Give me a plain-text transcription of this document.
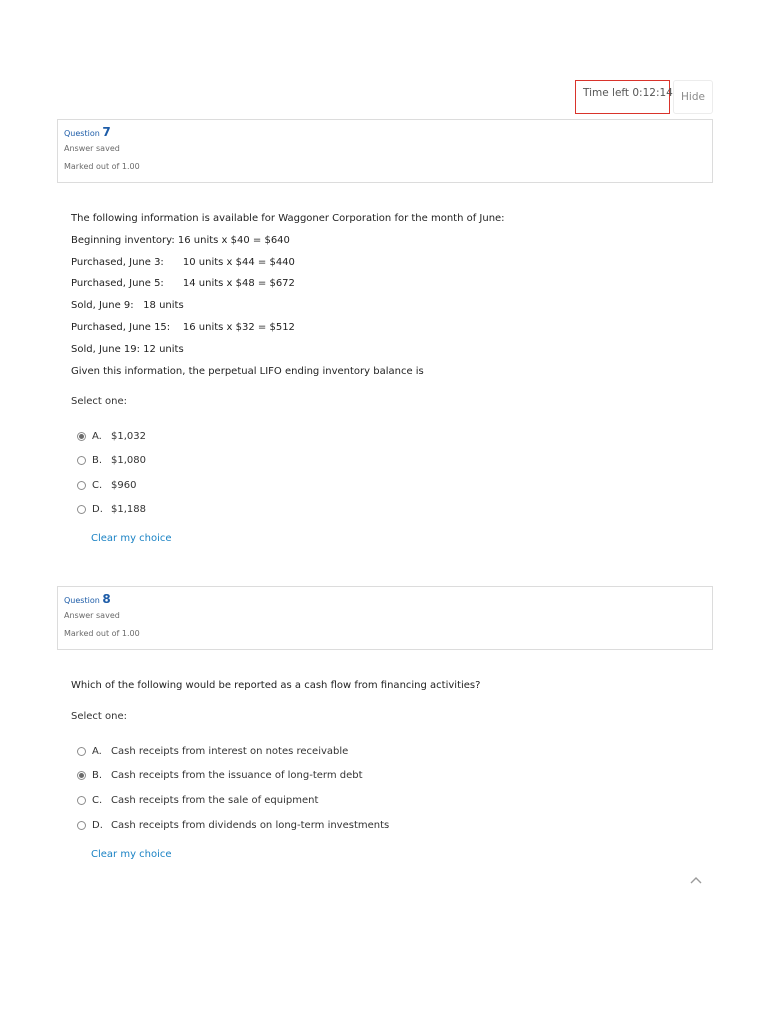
Time left 0:12:14 Hide
Question 7
Answer saved
Marked out of 1.00
The following information is available for Waggoner Corporation for the month of June:
Beginning inventory: 16 units x $40 = $640
Purchased, June 3:      10 units x $44 = $440
Purchased, June 5:      14 units x $48 = $672
Sold, June 9:   18 units
Purchased, June 15:    16 units x $32 = $512
Sold, June 19: 12 units
Given this information, the perpetual LIFO ending inventory balance is
Select one:
A. $1,032
B. $1,080
C. $960
D. $1,188
Clear my choice
Question 8
Answer saved
Marked out of 1.00
Which of the following would be reported as a cash flow from financing activities?
Select one:
A. Cash receipts from interest on notes receivable
B. Cash receipts from the issuance of long-term debt
C. Cash receipts from the sale of equipment
D. Cash receipts from dividends on long-term investments
Clear my choice
